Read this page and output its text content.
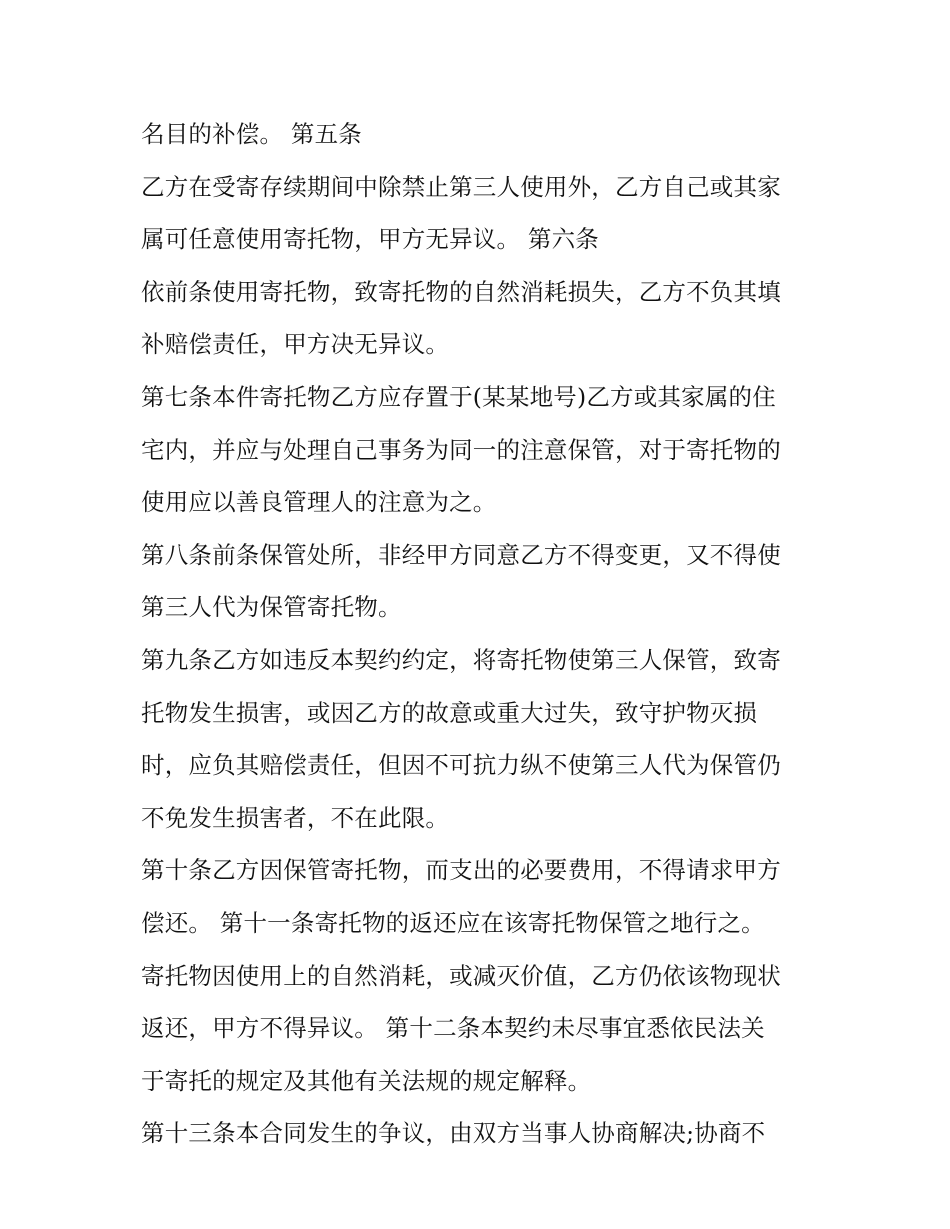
名目的补偿。 第五条
乙方在受寄存续期间中除禁止第三人使用外，乙方自己或其家
属可任意使用寄托物，甲方无异议。 第六条
依前条使用寄托物，致寄托物的自然消耗损失，乙方不负其填
补赔偿责任，甲方决无异议。
第七条本件寄托物乙方应存置于(某某地号)乙方或其家属的住
宅内，并应与处理自己事务为同一的注意保管，对于寄托物的
使用应以善良管理人的注意为之。
第八条前条保管处所，非经甲方同意乙方不得变更，又不得使
第三人代为保管寄托物。
第九条乙方如违反本契约约定，将寄托物使第三人保管，致寄
托物发生损害，或因乙方的故意或重大过失，致守护物灭损
时，应负其赔偿责任，但因不可抗力纵不使第三人代为保管仍
不免发生损害者，不在此限。
第十条乙方因保管寄托物，而支出的必要费用，不得请求甲方
偿还。 第十一条寄托物的返还应在该寄托物保管之地行之。
寄托物因使用上的自然消耗，或减灭价值，乙方仍依该物现状
返还，甲方不得异议。 第十二条本契约未尽事宜悉依民法关
于寄托的规定及其他有关法规的规定解释。
第十三条本合同发生的争议，由双方当事人协商解决;协商不
